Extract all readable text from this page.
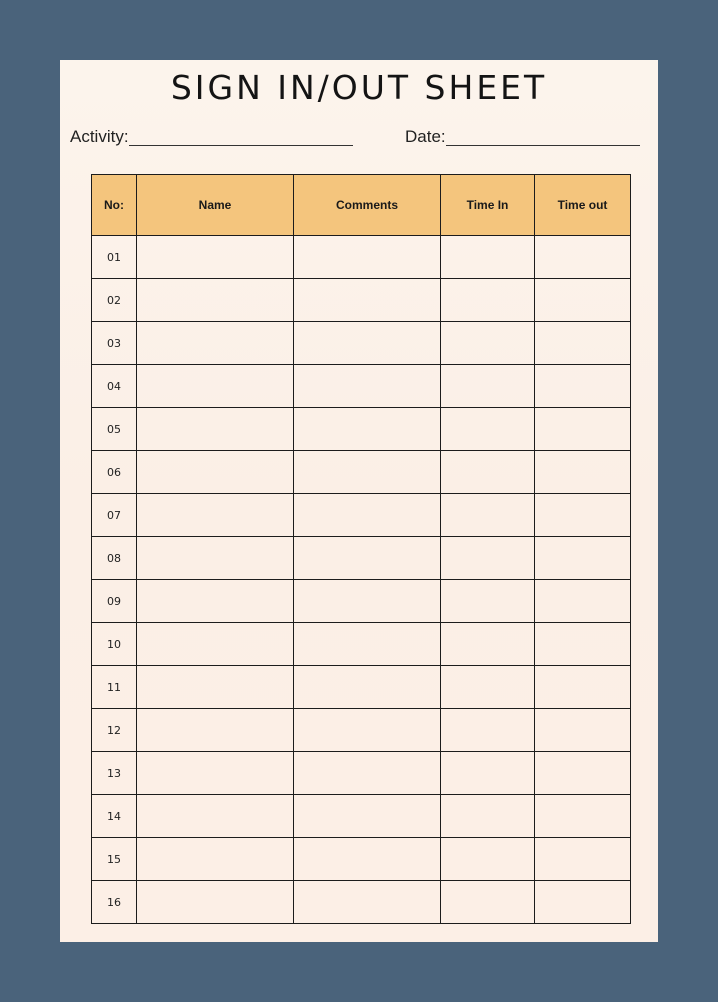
SIGN IN/OUT SHEET
Activity:	Date:
No:	Name	Comments	Time In	Time out
01				
02				
03				
04				
05				
06				
07				
08				
09				
10				
11				
12				
13				
14				
15				
16				
